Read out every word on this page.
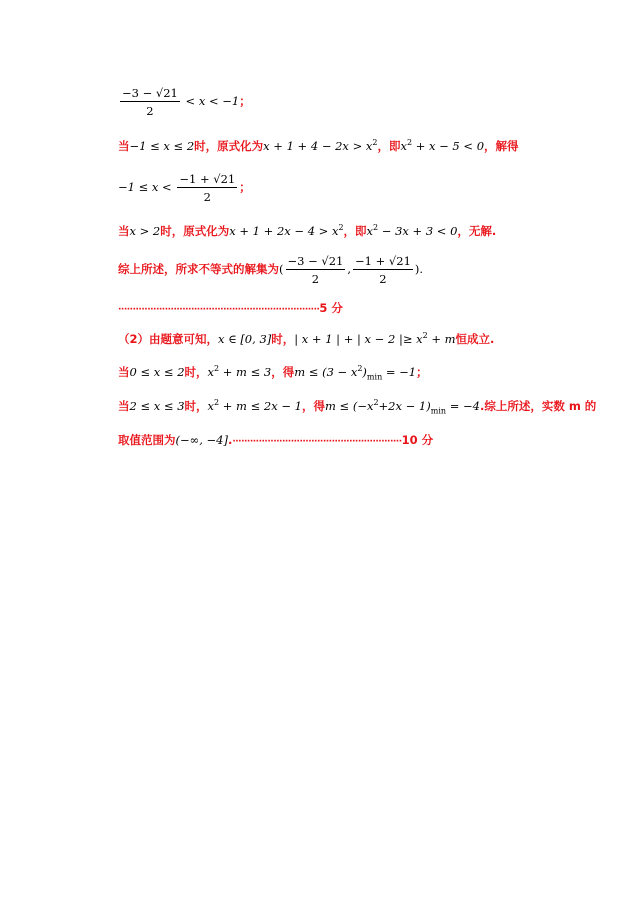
$\frac{-3 - √21}{2} < x < -1$；
当−1 ≤ x ≤ 2时，原式化为$x + 1 + 4 - 2x > x^2$，即$x^2 + x - 5 < 0$，解得
$-1 \le x < \frac{-1 + √21}{2}$ ；
当x > 2时，原式化为$x + 1 + 2x - 4 > x^2$，即$x^2 - 3x + 3 < 0$，无解.
综上所述，所求不等式的解集为( $\frac{-3 - √21}{2}$ , $\frac{-1 + √21}{2}$ ).
·····································································5 分
（2）由题意可知，x ∈ [0, 3]时，| x + 1 | + | x − 2 |≥ $x^2 + m$恒成立.
当0 ≤ x ≤ 2时，$x^2 + m \le 3$，得$m \le (3 - x^2)_{min} = -1$；
当2 ≤ x ≤ 3时，$x^2 + m \le 2x - 1$，得$m \le (-x^2+2x - 1)_{min} = -4$.综上所述，实数 m 的
取值范围为(−∞, −4].··························································10 分
